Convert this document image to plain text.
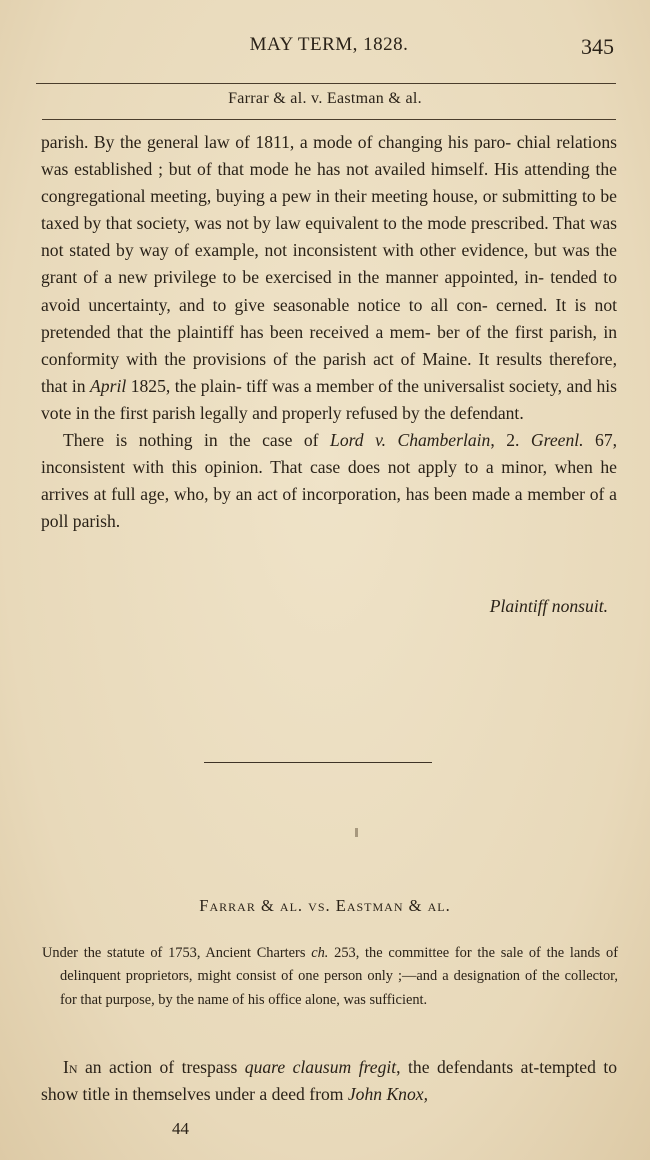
MAY TERM, 1828.	345
Farrar & al. v. Eastman & al.

parish. By the general law of 1811, a mode of changing his paro- chial relations was established ; but of that mode he has not availed himself. His attending the congregational meeting, buying a pew in their meeting house, or submitting to be taxed by that society, was not by law equivalent to the mode prescribed. That was not stated by way of example, not inconsistent with other evidence, but was the grant of a new privilege to be exercised in the manner appointed, in- tended to avoid uncertainty, and to give seasonable notice to all con- cerned. It is not pretended that the plaintiff has been received a mem- ber of the first parish, in conformity with the provisions of the parish act of Maine. It results therefore, that in April 1825, the plain- tiff was a member of the universalist society, and his vote in the first parish legally and properly refused by the defendant.

There is nothing in the case of Lord v. Chamberlain, 2. Greenl. 67, inconsistent with this opinion. That case does not apply to a minor, when he arrives at full age, who, by an act of incorporation, has been made a member of a poll parish.

Plaintiff nonsuit.
Farrar & al. vs. Eastman & al.
Under the statute of 1753, Ancient Charters ch. 253, the committee for the sale of the lands of delinquent proprietors, might consist of one person only ;—and a designation of the collector, for that purpose, by the name of his office alone, was sufficient.
In an action of trespass quare clausum fregit, the defendants at-tempted to show title in themselves under a deed from John Knox,
44
